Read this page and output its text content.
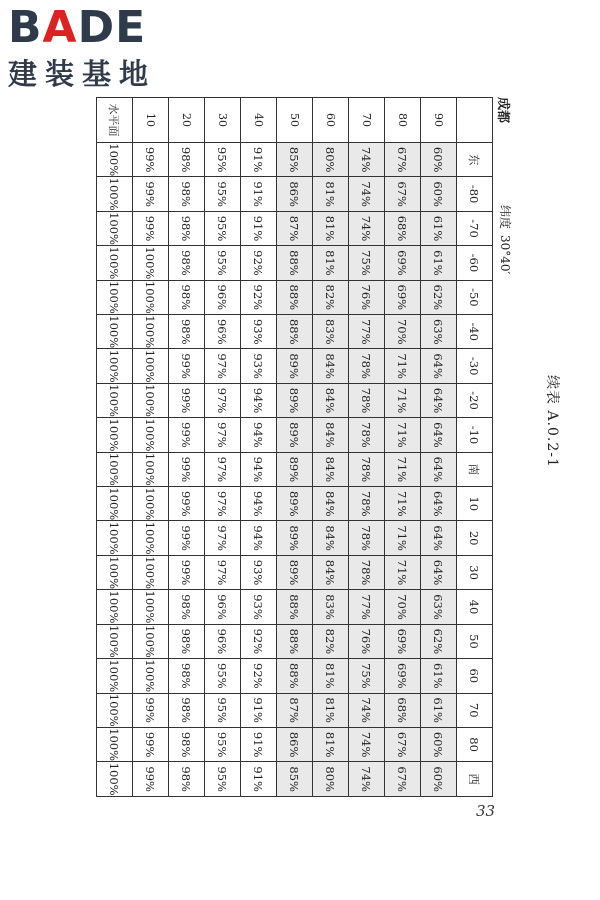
BADE
建装基地
续表 A.0.2-1
成都
纬度30°40′
	东	-80	-70	-60	-50	-40	-30	-20	-10	南	10	20	30	40	50	60	70	80	西
90	60%	60%	61%	61%	62%	63%	64%	64%	64%	64%	64%	64%	64%	63%	62%	61%	61%	60%	60%
80	67%	67%	68%	69%	69%	70%	71%	71%	71%	71%	71%	71%	71%	70%	69%	69%	68%	67%	67%
70	74%	74%	74%	75%	76%	77%	78%	78%	78%	78%	78%	78%	78%	77%	76%	75%	74%	74%	74%
60	80%	81%	81%	81%	82%	83%	84%	84%	84%	84%	84%	84%	84%	83%	82%	81%	81%	81%	80%
50	85%	86%	87%	88%	88%	88%	89%	89%	89%	89%	89%	89%	89%	88%	88%	88%	87%	86%	85%
40	91%	91%	91%	92%	92%	93%	93%	94%	94%	94%	94%	94%	93%	93%	92%	92%	91%	91%	91%
30	95%	95%	95%	95%	96%	96%	97%	97%	97%	97%	97%	97%	97%	96%	96%	95%	95%	95%	95%
20	98%	98%	98%	98%	98%	98%	99%	99%	99%	99%	99%	99%	99%	98%	98%	98%	98%	98%	98%
10	99%	99%	99%	100%	100%	100%	100%	100%	100%	100%	100%	100%	100%	100%	100%	100%	99%	99%	99%
水平面	100%	100%	100%	100%	100%	100%	100%	100%	100%	100%	100%	100%	100%	100%	100%	100%	100%	100%	100%
33
